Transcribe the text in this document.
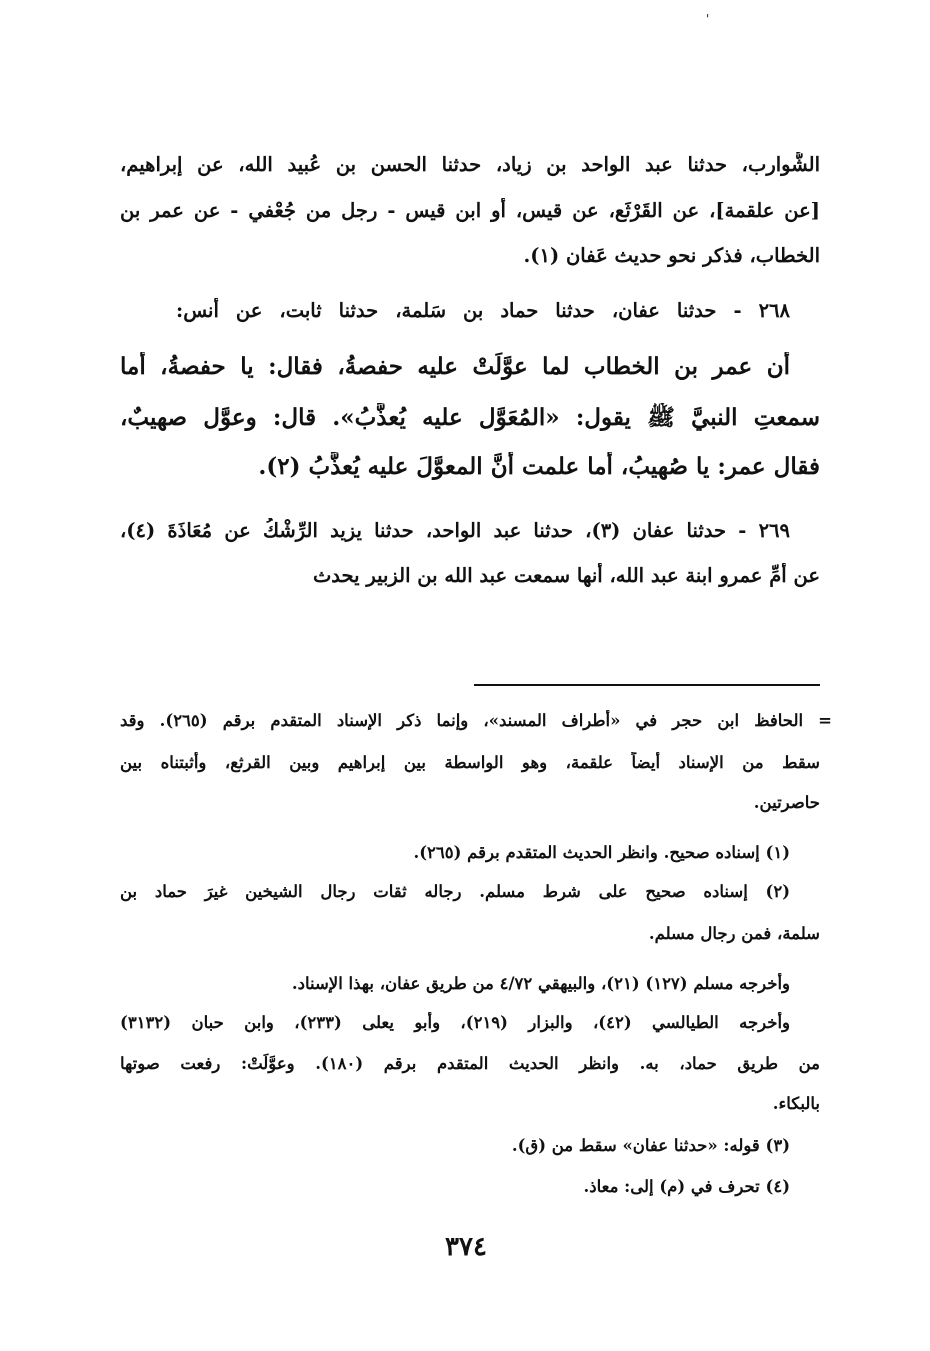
'
الشُّوارب، حدثنا عبد الواحد بن زياد، حدثنا الحسن بن عُبيد الله، عن إبراهيم،
[عن علقمة]، عن القَرْثَع، عن قيس، أو ابن قيس - رجل من جُعْفي - عن عمر بن
الخطاب، فذكر نحو حديث عَفان (١).
٢٦٨ - حدثنا عفان، حدثنا حماد بن سَلمة، حدثنا ثابت، عن أَنس:
أن عمر بن الخطاب لما عوَّلَتْ عليه حفصةُ، فقال: يا حفصةُ، أَما
سمعتِ النبيَّ ﷺ يقول: «المُعَوَّل عليه يُعذَّبُ». قال: وعوَّل صهيبٌ،
فقال عمر: يا صُهيبُ، أَما علمت أَنَّ المعوَّلَ عليه يُعذَّبُ (٢).
٢٦٩ - حدثنا عفان (٣)، حدثنا عبد الواحد، حدثنا يزيد الرِّشْكُ عن مُعَاذَةَ (٤)،
عن أُمِّ عمرو ابنة عبد الله، أنها سمعت عبد الله بن الزبير يحدث
= الحافظ ابن حجر في «أطراف المسند»، وإنما ذكر الإسناد المتقدم برقم (٢٦٥). وقد
سقط من الإسناد أيضاً علقمة، وهو الواسطة بين إبراهيم وبين القرثع، وأثبتناه بين
حاصرتين.
(١) إسناده صحيح. وانظر الحديث المتقدم برقم (٢٦٥).
(٢) إسناده صحيح على شرط مسلم. رجاله ثقات رجال الشيخين غيرَ حماد بن
سلمة، فمن رجال مسلم.
وأخرجه مسلم (١٢٧) (٢١)، والبيهقي ٤/٧٢ من طريق عفان، بهذا الإسناد.
وأخرجه الطيالسي (٤٢)، والبزار (٢١٩)، وأبو يعلى (٢٣٣)، وابن حبان (٣١٣٢)
من طريق حماد، به. وانظر الحديث المتقدم برقم (١٨٠). وعوَّلَتْ: رفعت صوتها
بالبكاء.
(٣) قوله: «حدثنا عفان» سقط من (ق).
(٤) تحرف في (م) إلى: معاذ.
٣٧٤
